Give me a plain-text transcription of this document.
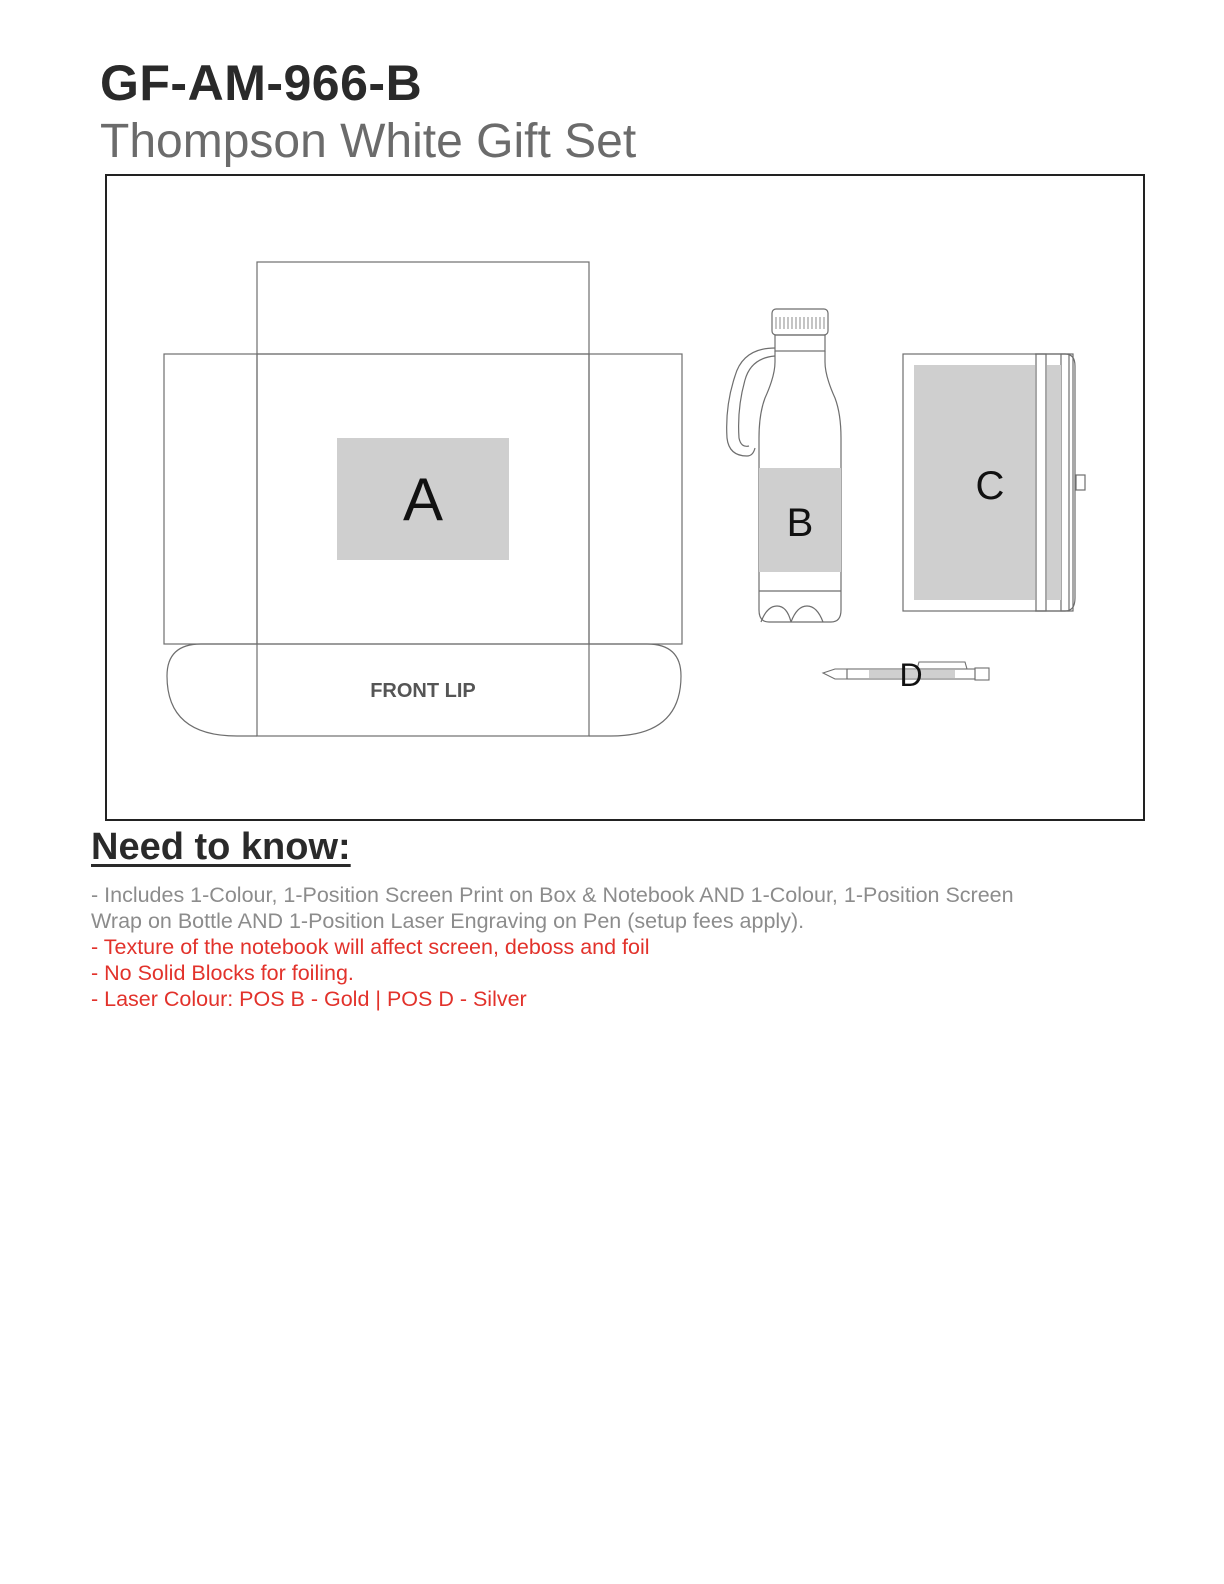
GF-AM-966-B
Thompson White Gift Set
A
FRONT LIP
B
C
D
Need to know:
- Includes 1-Colour, 1-Position Screen Print on Box & Notebook AND 1-Colour, 1-Position Screen
Wrap on Bottle AND 1-Position Laser Engraving on Pen (setup fees apply).
- Texture of the notebook will affect screen, deboss and foil
- No Solid Blocks for foiling.
- Laser Colour: POS B - Gold | POS D - Silver
